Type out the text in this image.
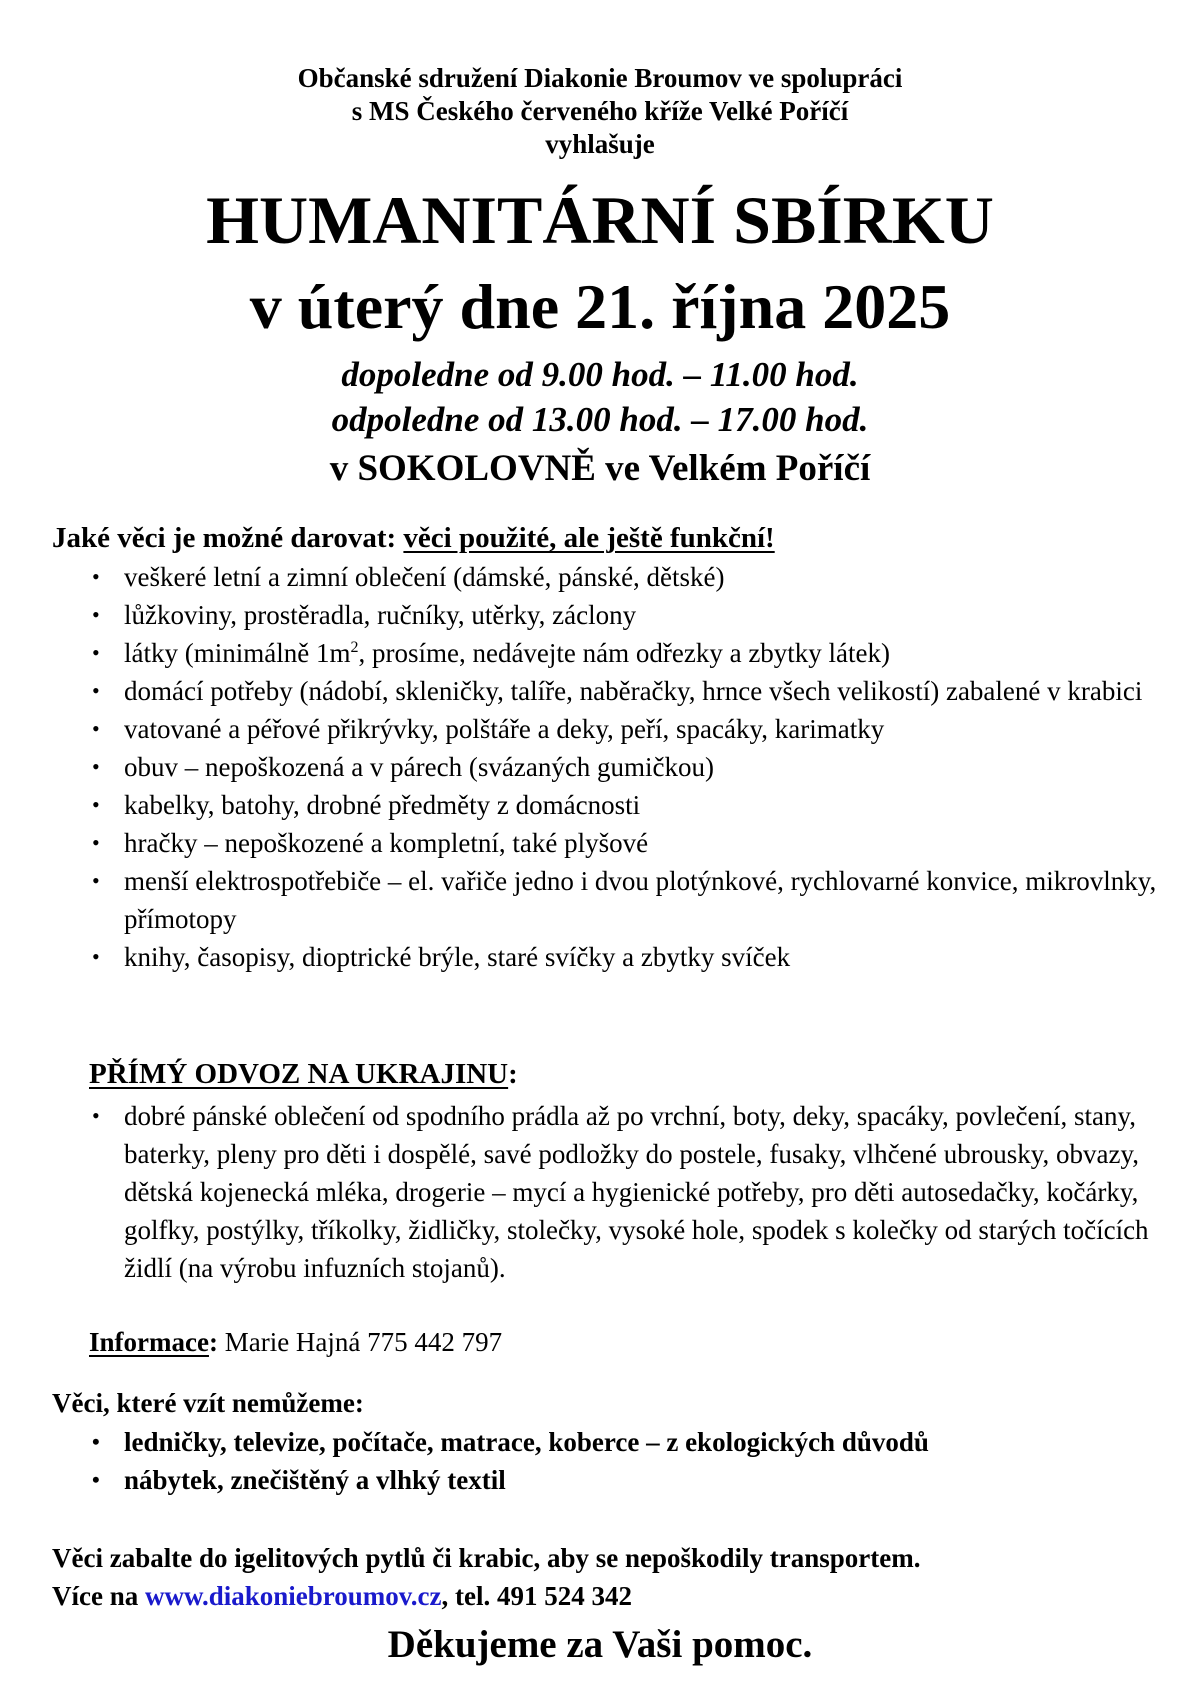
Občanské sdružení Diakonie Broumov ve spolupráci
s MS Českého červeného kříže Velké Poříčí
vyhlašuje
HUMANITÁRNÍ SBÍRKU
v úterý dne 21. října 2025
dopoledne od 9.00 hod. – 11.00 hod.
odpoledne od 13.00 hod. – 17.00 hod.
v SOKOLOVNĚ ve Velkém Poříčí
Jaké věci je možné darovat: věci použité, ale ještě funkční!
• veškeré letní a zimní oblečení (dámské, pánské, dětské)
• lůžkoviny, prostěradla, ručníky, utěrky, záclony
• látky (minimálně $1m^2$, prosíme, nedávejte nám odřezky a zbytky látek)
• domácí potřeby (nádobí, skleničky, talíře, naběračky, hrnce všech velikostí) zabalené v krabici
• vatované a péřové přikrývky, polštáře a deky, peří, spacáky, karimatky
• obuv – nepoškozená a v párech (svázaných gumičkou)
• kabelky, batohy, drobné předměty z domácnosti
• hračky – nepoškozené a kompletní, také plyšové
• menší elektrospotřebiče – el. vařiče jedno i dvou plotýnkové, rychlovarné konvice, mikrovlnky, přímotopy
• knihy, časopisy, dioptrické brýle, staré svíčky a zbytky svíček
PŘÍMÝ ODVOZ NA UKRAJINU:
• dobré pánské oblečení od spodního prádla až po vrchní, boty, deky, spacáky, povlečení, stany, baterky, pleny pro děti i dospělé, savé podložky do postele, fusaky, vlhčené ubrousky, obvazy, dětská kojenecká mléka, drogerie – mycí a hygienické potřeby, pro děti autosedačky, kočárky, golfky, postýlky, tříkolky, židličky, stolečky, vysoké hole, spodek s kolečky od starých točících židlí (na výrobu infuzních stojanů).
Informace: Marie Hajná 775 442 797
Věci, které vzít nemůžeme:
• ledničky, televize, počítače, matrace, koberce – z ekologických důvodů
• nábytek, znečištěný a vlhký textil
Věci zabalte do igelitových pytlů či krabic, aby se nepoškodily transportem.
Více na www.diakoniebroumov.cz, tel. 491 524 342
Děkujeme za Vaši pomoc.
